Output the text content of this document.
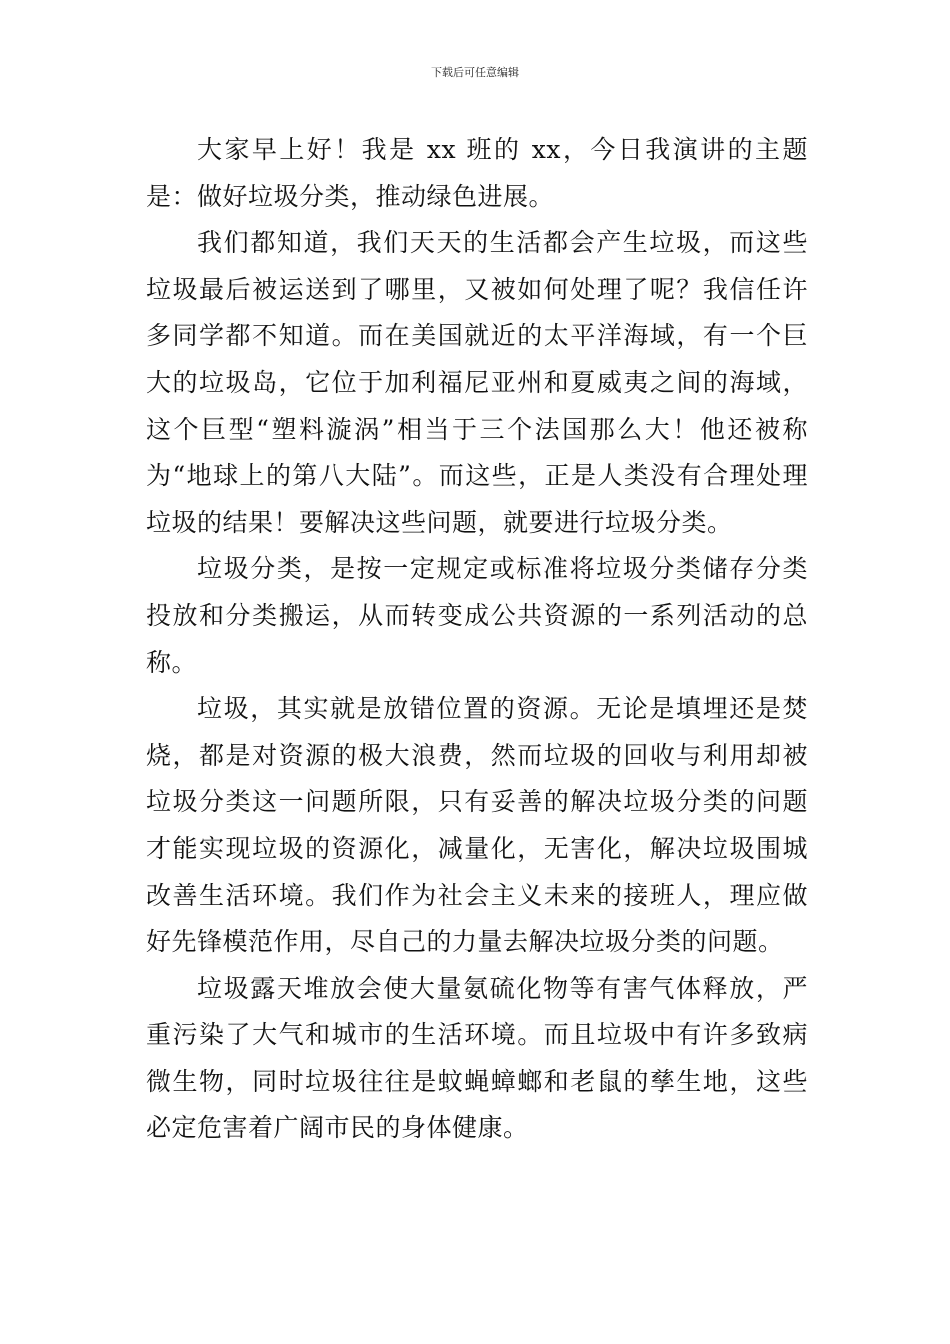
下载后可任意编辑

大家早上好！我是 xx 班的 xx，今日我演讲的主题是：做好垃圾分类，推动绿色进展。

我们都知道，我们天天的生活都会产生垃圾，而这些垃圾最后被运送到了哪里，又被如何处理了呢？我信任许多同学都不知道。而在美国就近的太平洋海域，有一个巨大的垃圾岛，它位于加利福尼亚州和夏威夷之间的海域，这个巨型“塑料漩涡”相当于三个法国那么大！他还被称为“地球上的第八大陆”。而这些，正是人类没有合理处理垃圾的结果！要解决这些问题，就要进行垃圾分类。

垃圾分类，是按一定规定或标准将垃圾分类储存分类投放和分类搬运，从而转变成公共资源的一系列活动的总称。

垃圾，其实就是放错位置的资源。无论是填埋还是焚烧，都是对资源的极大浪费，然而垃圾的回收与利用却被垃圾分类这一问题所限，只有妥善的解决垃圾分类的问题才能实现垃圾的资源化，减量化，无害化，解决垃圾围城改善生活环境。我们作为社会主义未来的接班人，理应做好先锋模范作用，尽自己的力量去解决垃圾分类的问题。

垃圾露天堆放会使大量氨硫化物等有害气体释放，严重污染了大气和城市的生活环境。而且垃圾中有许多致病微生物，同时垃圾往往是蚊蝇蟑螂和老鼠的孳生地，这些必定危害着广阔市民的身体健康。
